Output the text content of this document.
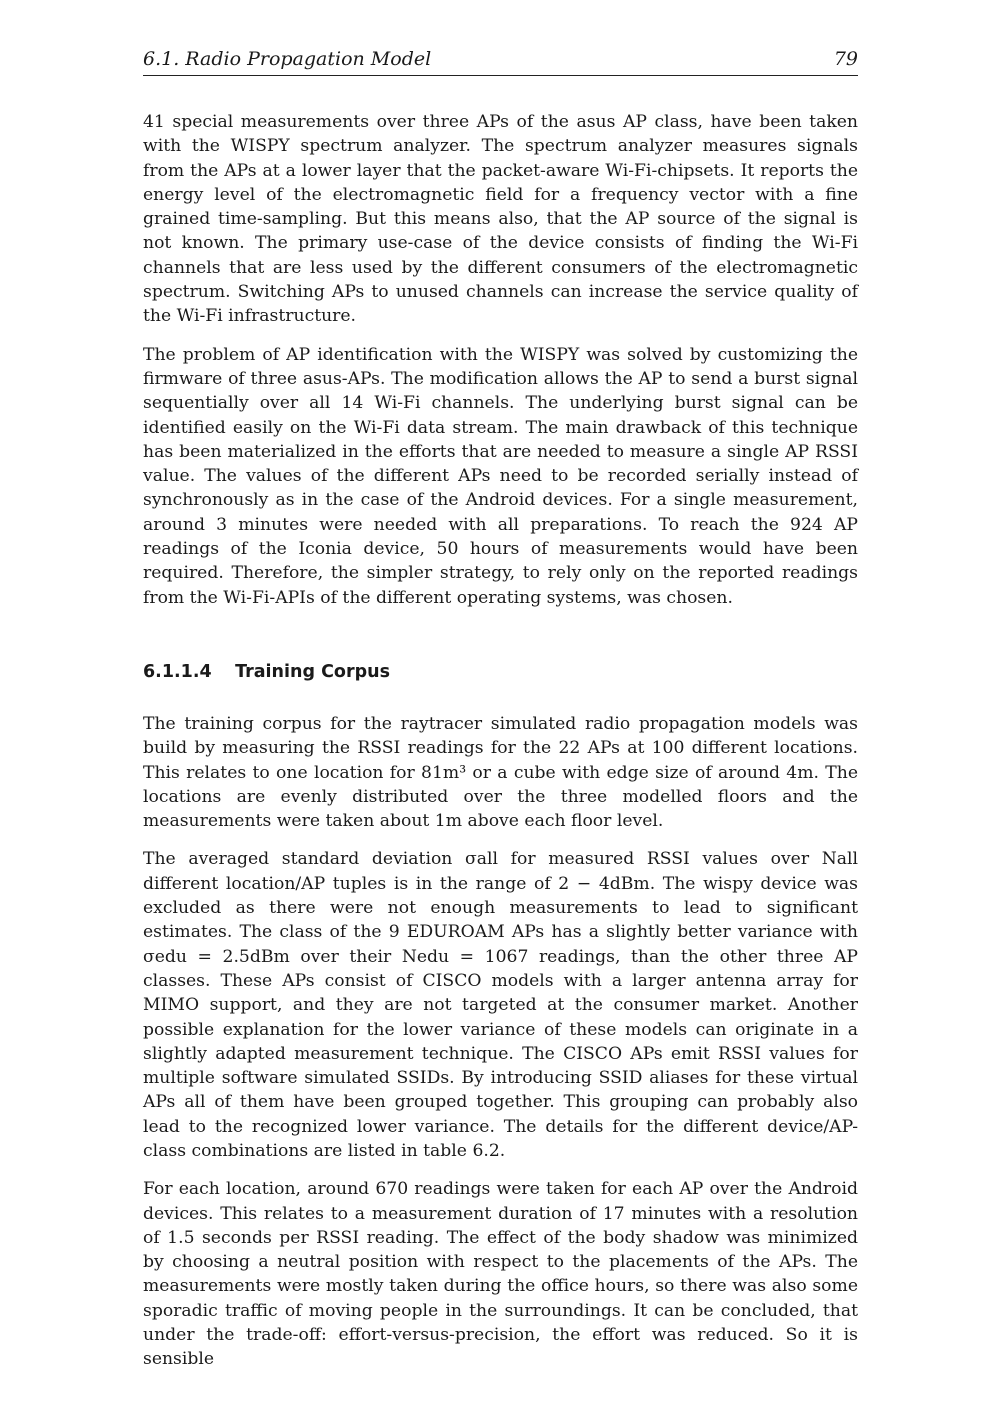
6.1. Radio Propagation Model	79

41 special measurements over three APs of the asus AP class, have been taken with the WISPY spectrum analyzer. The spectrum analyzer measures signals from the APs at a lower layer that the packet-aware Wi-Fi-chipsets. It reports the energy level of the electromagnetic field for a frequency vector with a fine grained time-sampling. But this means also, that the AP source of the signal is not known. The primary use-case of the device consists of finding the Wi-Fi channels that are less used by the different consumers of the electromagnetic spectrum. Switching APs to unused channels can increase the service quality of the Wi-Fi infrastructure.

The problem of AP identification with the WISPY was solved by customizing the firmware of three asus-APs. The modification allows the AP to send a burst signal sequentially over all 14 Wi-Fi channels. The underlying burst signal can be identified easily on the Wi-Fi data stream. The main drawback of this technique has been materialized in the efforts that are needed to measure a single AP RSSI value. The values of the different APs need to be recorded serially instead of synchronously as in the case of the Android devices. For a single measurement, around 3 minutes were needed with all preparations. To reach the 924 AP readings of the Iconia device, 50 hours of measurements would have been required. Therefore, the simpler strategy, to rely only on the reported readings from the Wi-Fi-APIs of the different operating systems, was chosen.

6.1.1.4 Training Corpus

The training corpus for the raytracer simulated radio propagation models was build by measuring the RSSI readings for the 22 APs at 100 different locations. This relates to one location for 81m³ or a cube with edge size of around 4m. The locations are evenly distributed over the three modelled floors and the measurements were taken about 1m above each floor level.

The averaged standard deviation σall for measured RSSI values over Nall different location/AP tuples is in the range of 2 − 4dBm. The wispy device was excluded as there were not enough measurements to lead to significant estimates. The class of the 9 EDUROAM APs has a slightly better variance with σedu = 2.5dBm over their Nedu = 1067 readings, than the other three AP classes. These APs consist of CISCO models with a larger antenna array for MIMO support, and they are not targeted at the consumer market. Another possible explanation for the lower variance of these models can originate in a slightly adapted measurement technique. The CISCO APs emit RSSI values for multiple software simulated SSIDs. By introducing SSID aliases for these virtual APs all of them have been grouped together. This grouping can probably also lead to the recognized lower variance. The details for the different device/AP-class combinations are listed in table 6.2.

For each location, around 670 readings were taken for each AP over the Android devices. This relates to a measurement duration of 17 minutes with a resolution of 1.5 seconds per RSSI reading. The effect of the body shadow was minimized by choosing a neutral position with respect to the placements of the APs. The measurements were mostly taken during the office hours, so there was also some sporadic traffic of moving people in the surroundings. It can be concluded, that under the trade-off: effort-versus-precision, the effort was reduced. So it is sensible
